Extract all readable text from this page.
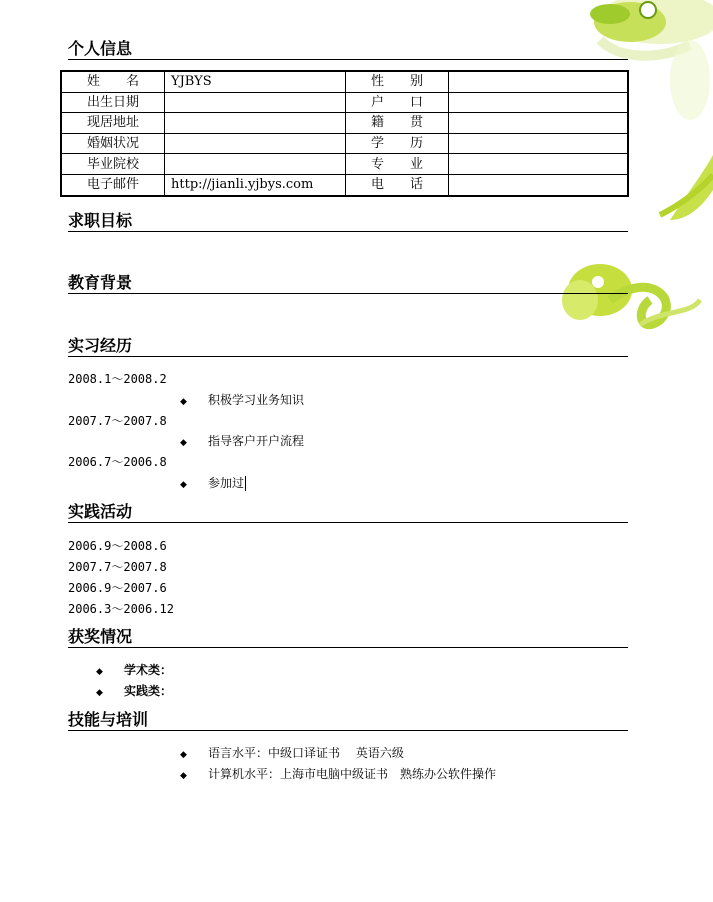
个人信息
姓　　名	YJBYS	性　　别	
出生日期		户　　口	
现居地址		籍　　贯	
婚姻状况		学　　历	
毕业院校		专　　业	
电子邮件	http://jianli.yjbys.com	电　　话	
求职目标
教育背景
实习经历
2008.1～2008.2
◆ 积极学习业务知识
2007.7～2007.8
◆ 指导客户开户流程
2006.7～2006.8
◆ 参加过
实践活动
2006.9～2008.6
2007.7～2007.8
2006.9～2007.6
2006.3～2006.12
获奖情况
◆ 学术类：
◆ 实践类：
技能与培训
◆ 语言水平：中级口译证书　 英语六级
◆ 计算机水平：上海市电脑中级证书　熟练办公软件操作
